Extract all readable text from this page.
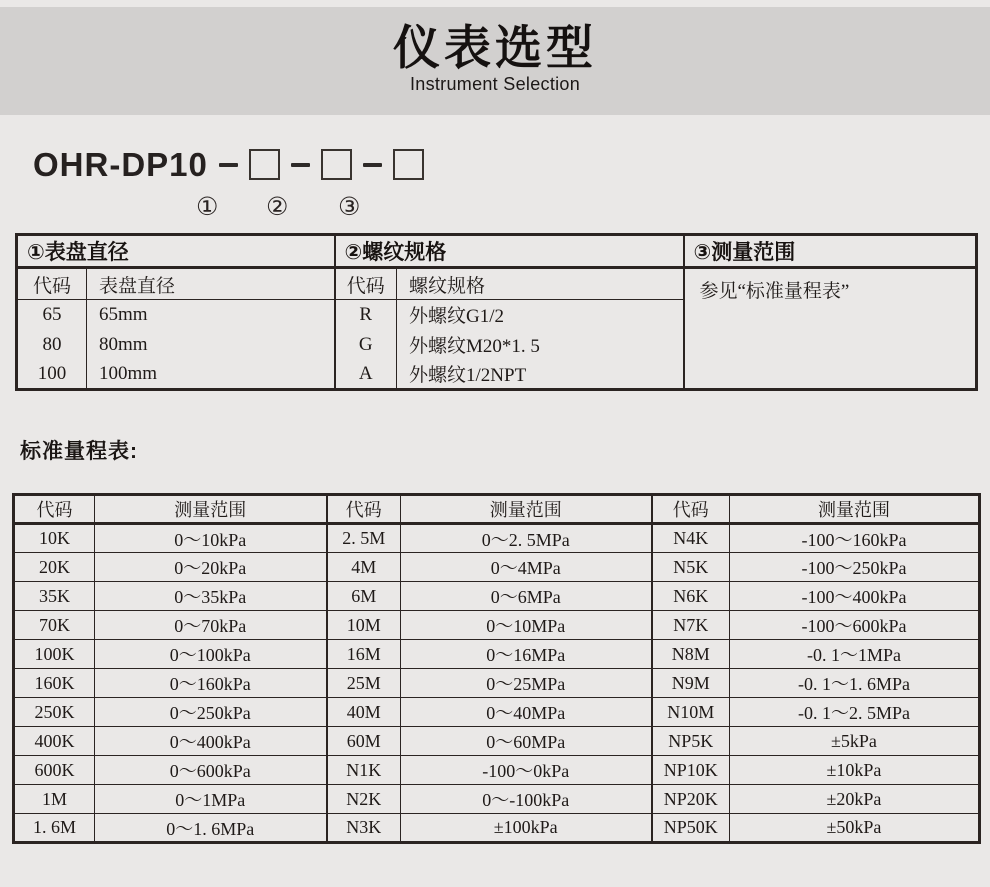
仪表选型
Instrument Selection
OHR-DP10
① ② ③
①表盘直径		②螺纹规格		③测量范围
代码	表盘直径	代码	螺纹规格	参见“标准量程表”
65	65mm	R	外螺纹G1/2	
80	80mm	G	外螺纹M20*1. 5	
100	100mm	A	外螺纹1/2NPT	
标准量程表:
代码	测量范围	代码	测量范围	代码	测量范围
10K	0～10kPa	2. 5M	0～2. 5MPa	N4K	-100～160kPa
20K	0～20kPa	4M	0～4MPa	N5K	-100～250kPa
35K	0～35kPa	6M	0～6MPa	N6K	-100～400kPa
70K	0～70kPa	10M	0～10MPa	N7K	-100～600kPa
100K	0～100kPa	16M	0～16MPa	N8M	-0. 1～1MPa
160K	0～160kPa	25M	0～25MPa	N9M	-0. 1～1. 6MPa
250K	0～250kPa	40M	0～40MPa	N10M	-0. 1～2. 5MPa
400K	0～400kPa	60M	0～60MPa	NP5K	±5kPa
600K	0～600kPa	N1K	-100～0kPa	NP10K	±10kPa
1M	0～1MPa	N2K	0～-100kPa	NP20K	±20kPa
1. 6M	0～1. 6MPa	N3K	±100kPa	NP50K	±50kPa
